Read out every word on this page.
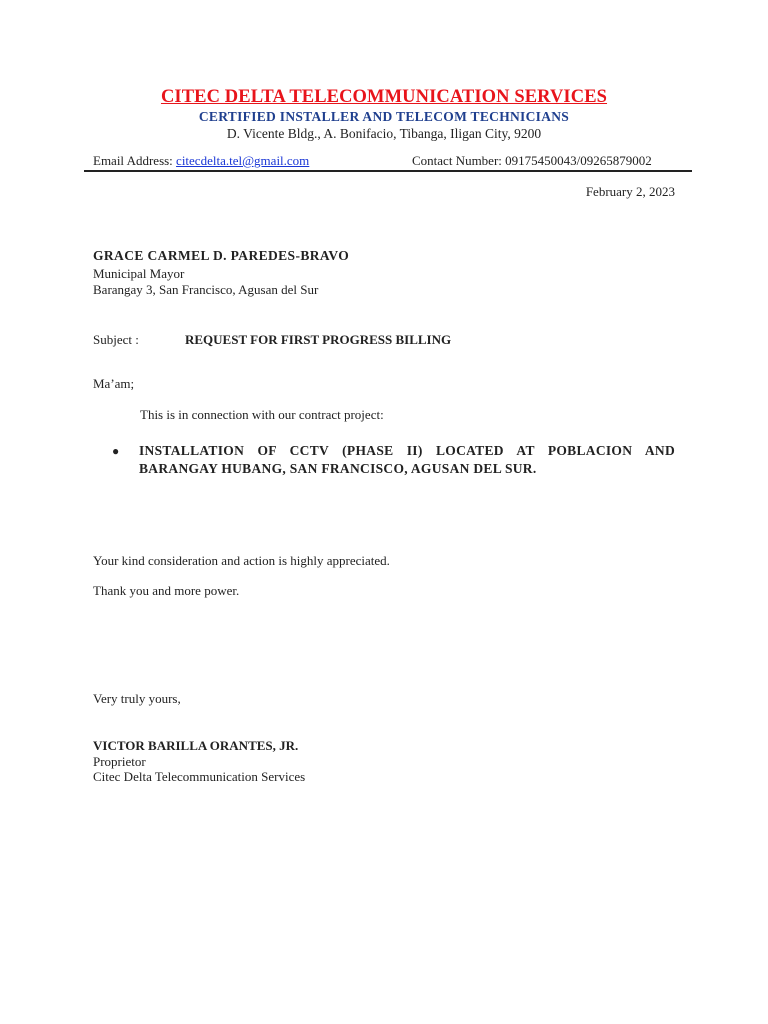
CITEC DELTA TELECOMMUNICATION SERVICES
CERTIFIED INSTALLER AND TELECOM TECHNICIANS
D. Vicente Bldg., A. Bonifacio, Tibanga, Iligan City, 9200
Email Address: citecdelta.tel@gmail.com	Contact Number: 09175450043/09265879002
February 2, 2023
GRACE CARMEL D. PAREDES-BRAVO
Municipal Mayor
Barangay 3, San Francisco, Agusan del Sur
Subject :	REQUEST FOR FIRST PROGRESS BILLING
Ma’am;
This is in connection with our contract project:
● INSTALLATION OF CCTV (PHASE II) LOCATED AT POBLACION AND BARANGAY HUBANG, SAN FRANCISCO, AGUSAN DEL SUR.
Your kind consideration and action is highly appreciated.
Thank you and more power.
Very truly yours,
VICTOR BARILLA ORANTES, JR.
Proprietor
Citec Delta Telecommunication Services
